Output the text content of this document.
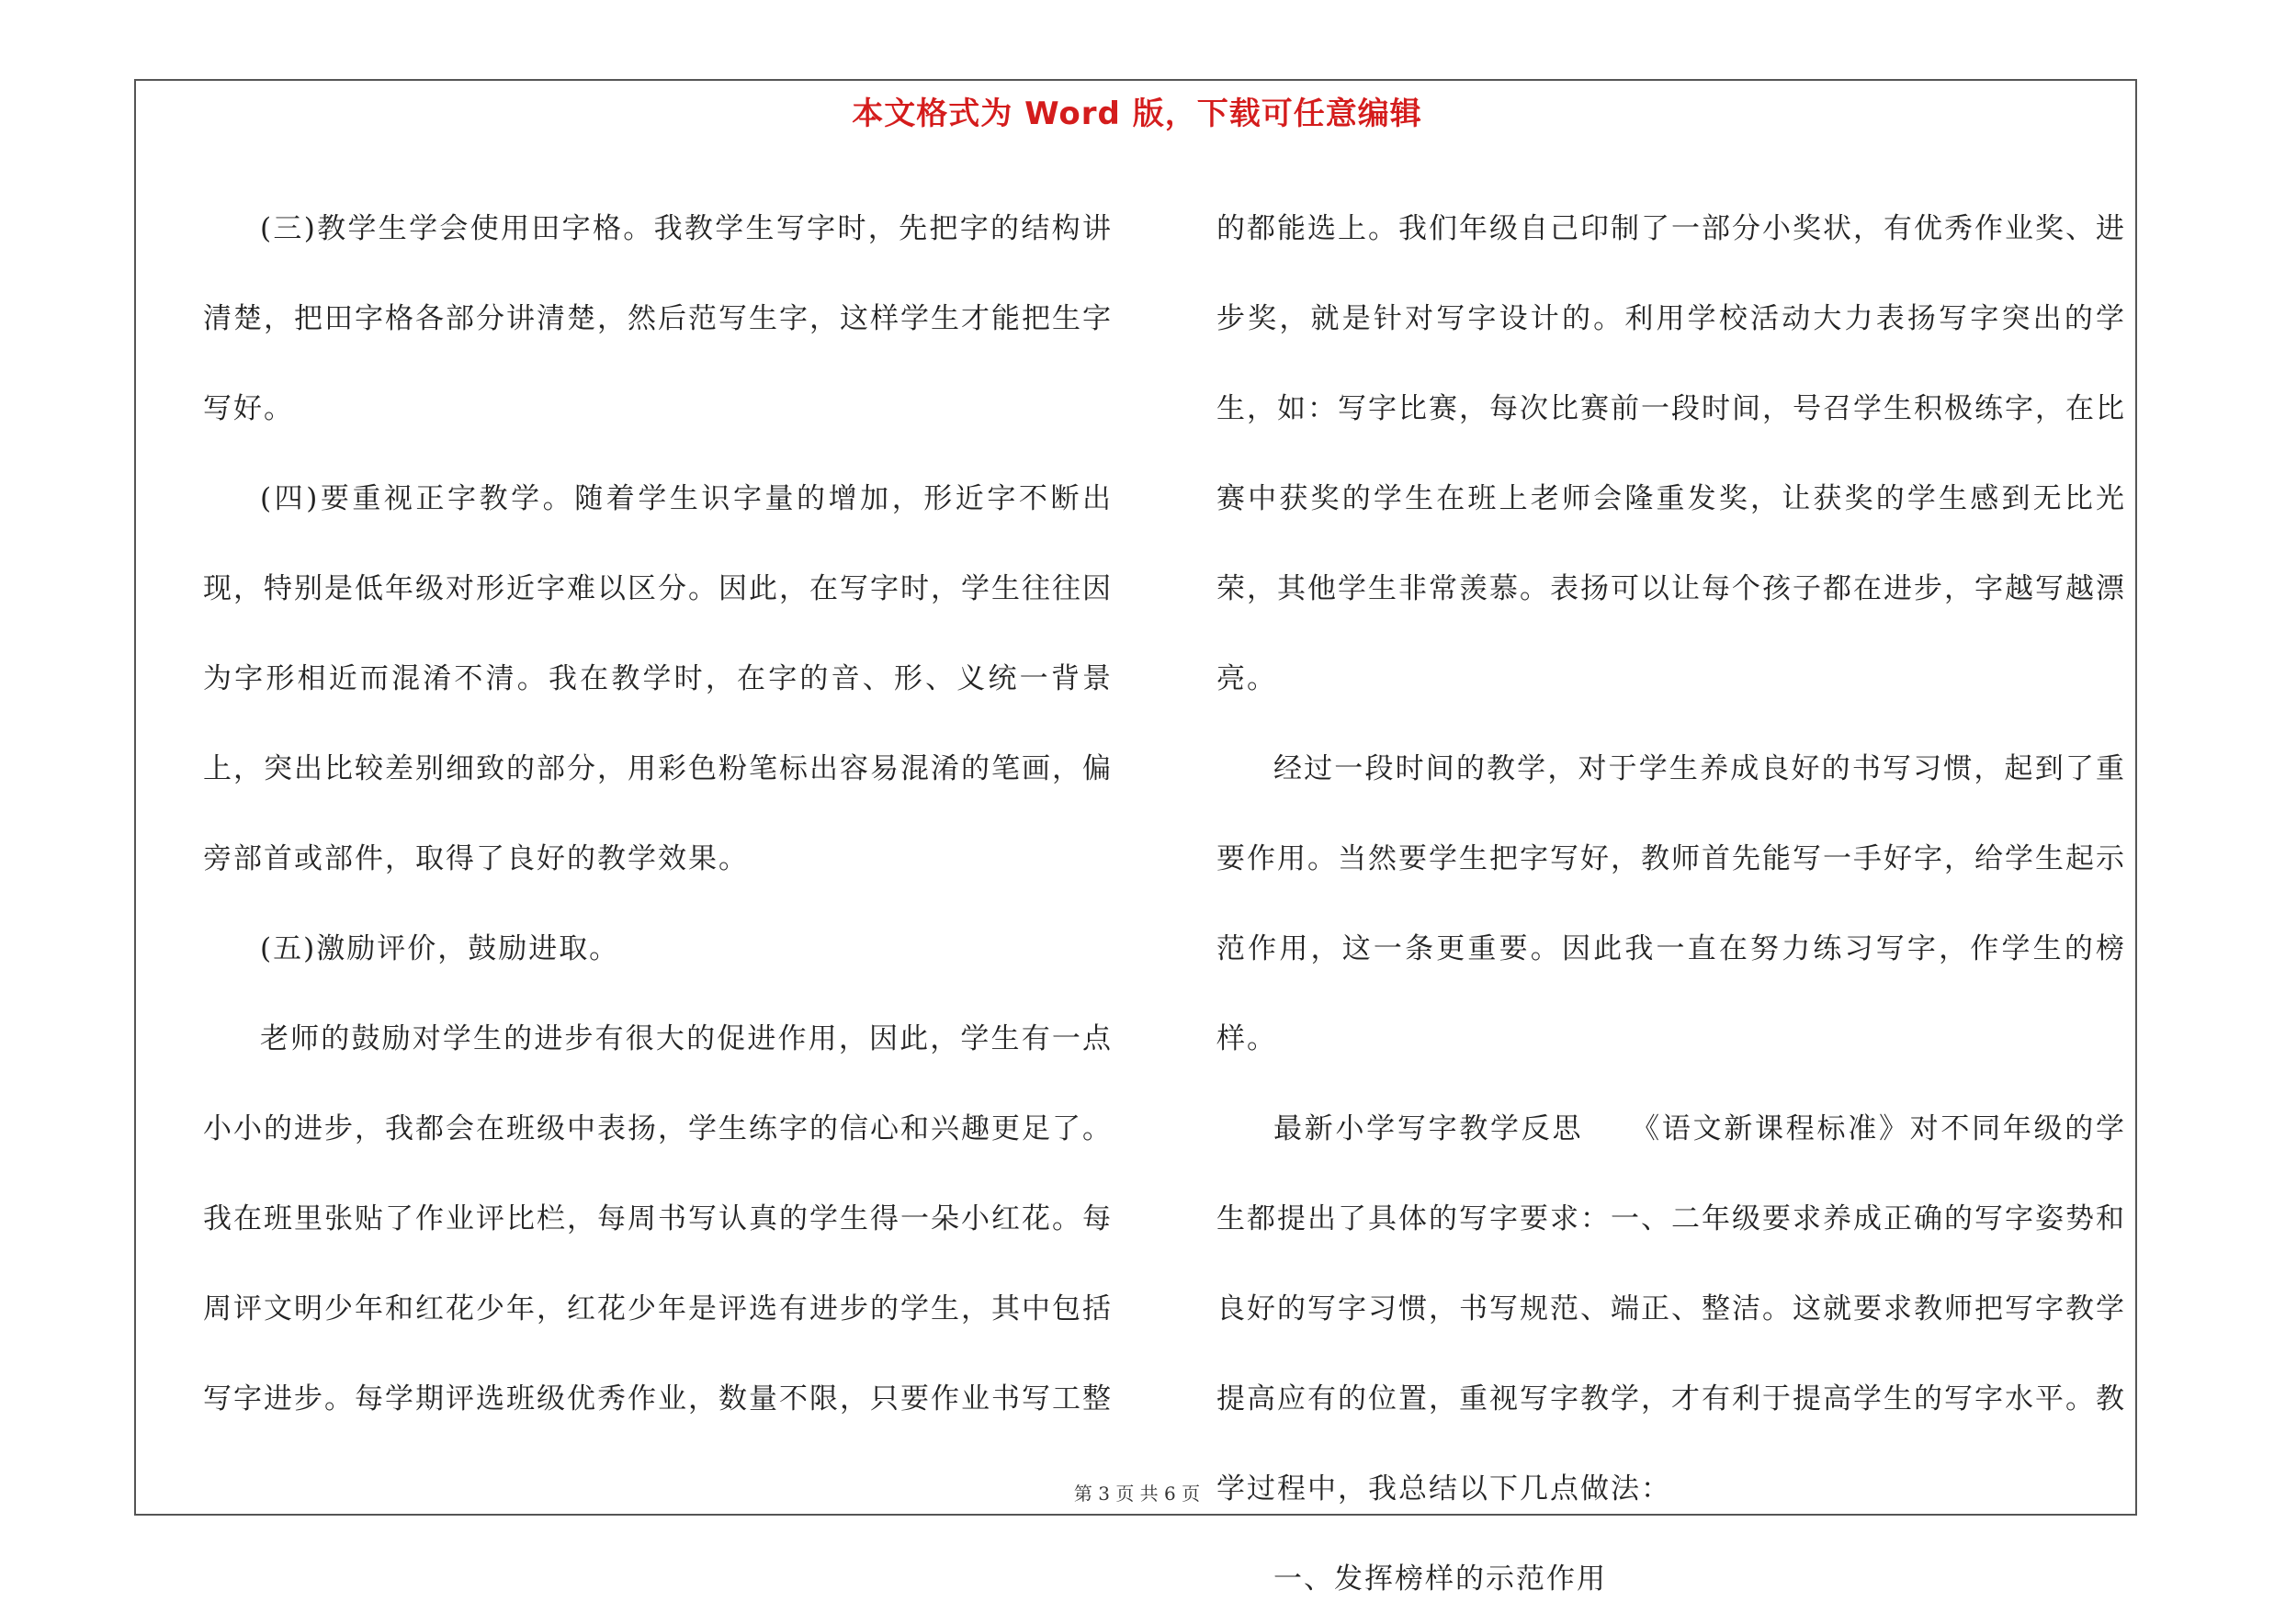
本文格式为 Word 版，下载可任意编辑

(三)教学生学会使用田字格。我教学生写字时，先把字的结构讲清楚，把田字格各部分讲清楚，然后范写生字，这样学生才能把生字写好。

(四)要重视正字教学。随着学生识字量的增加，形近字不断出现，特别是低年级对形近字难以区分。因此，在写字时，学生往往因为字形相近而混淆不清。我在教学时，在字的音、形、义统一背景上，突出比较差别细致的部分，用彩色粉笔标出容易混淆的笔画，偏旁部首或部件，取得了良好的教学效果。

(五)激励评价，鼓励进取。

老师的鼓励对学生的进步有很大的促进作用，因此，学生有一点小小的进步，我都会在班级中表扬，学生练字的信心和兴趣更足了。我在班里张贴了作业评比栏，每周书写认真的学生得一朵小红花。每周评文明少年和红花少年，红花少年是评选有进步的学生，其中包括写字进步。每学期评选班级优秀作业，数量不限，只要作业书写工整

的都能选上。我们年级自己印制了一部分小奖状，有优秀作业奖、进步奖，就是针对写字设计的。利用学校活动大力表扬写字突出的学生，如：写字比赛，每次比赛前一段时间，号召学生积极练字，在比赛中获奖的学生在班上老师会隆重发奖，让获奖的学生感到无比光荣，其他学生非常羡慕。表扬可以让每个孩子都在进步，字越写越漂亮。

经过一段时间的教学，对于学生养成良好的书写习惯，起到了重要作用。当然要学生把字写好，教师首先能写一手好字，给学生起示范作用，这一条更重要。因此我一直在努力练习写字，作学生的榜样。

最新小学写字教学反思　　《语文新课程标准》对不同年级的学生都提出了具体的写字要求：一、二年级要求养成正确的写字姿势和良好的写字习惯，书写规范、端正、整洁。这就要求教师把写字教学提高应有的位置，重视写字教学，才有利于提高学生的写字水平。教学过程中，我总结以下几点做法：

一、发挥榜样的示范作用

第 3 页 共 6 页
